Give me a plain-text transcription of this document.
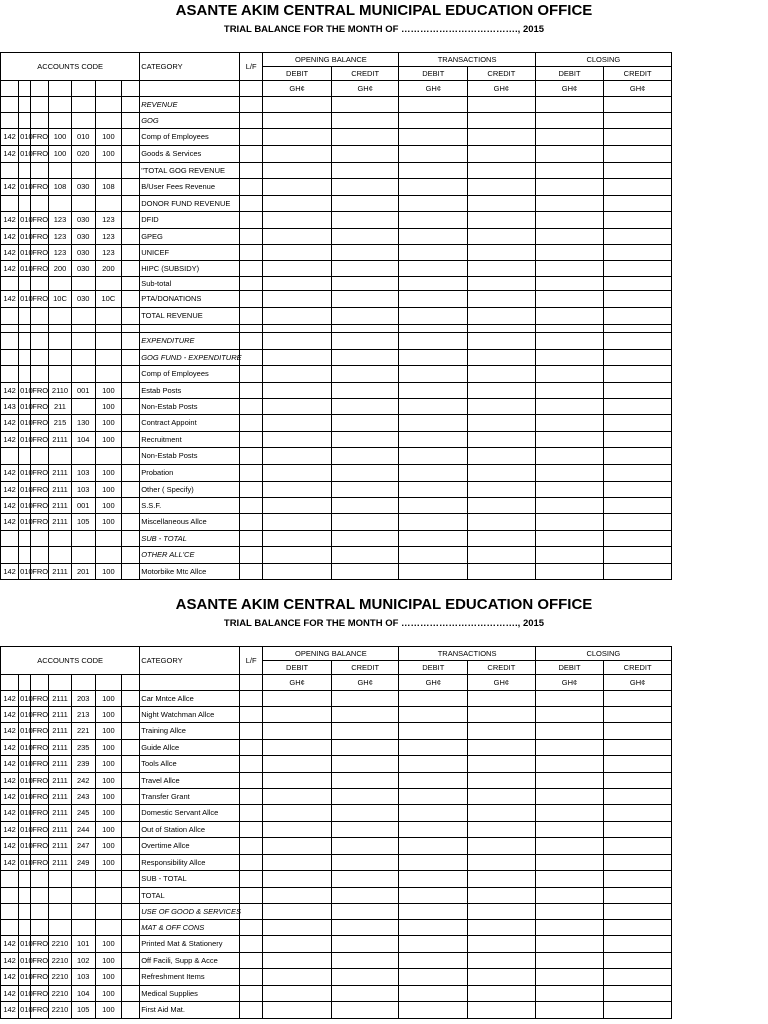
ASANTE AKIM CENTRAL MUNICIPAL EDUCATION OFFICE
TRIAL BALANCE FOR THE MONTH OF ………………………………., 2015
ACCOUNTS CODE							CATEGORY	L/F	OPENING BALANCE		TRANSACTIONS		CLOSING	
									DEBIT	CREDIT	DEBIT	CREDIT	DEBIT	CREDIT
									GH¢	GH¢	GH¢	GH¢	GH¢	GH¢
							REVENUE							
							GOG							
142	010	FRO	100	010	100		Comp of Employees							
142	010	FRO	100	020	100		Goods & Services							
							"TOTAL GOG REVENUE							
142	010	FRO	108	030	108		B/User Fees Revenue							
							DONOR FUND REVENUE							
142	010	FRO	123	030	123		DFID							
142	010	FRO	123	030	123		GPEG							
142	010	FRO	123	030	123		UNICEF							
142	010	FRO	200	030	200		HIPC (SUBSIDY)							
							Sub-total							
142	010	FRO	10C	030	10C		PTA/DONATIONS							
							TOTAL REVENUE							

							EXPENDITURE							
							GOG FUND - EXPENDITURE							
							Comp of Employees							
142	010	FRO	2110	001	100		Estab Posts							
143	010	FRO	211		100		Non-Estab Posts							
142	010	FRO	215	130	100		Contract Appoint							
142	010	FRO	2111	104	100		Recruitment							
							Non-Estab Posts							
142	010	FRO	2111	103	100		Probation							
142	010	FRO	2111	103	100		Other ( Specify)							
142	010	FRO	2111	001	100		S.S.F.							
142	010	FRO	2111	105	100		Miscellaneous Allce							
							SUB - TOTAL							
							OTHER ALL'CE							
142	010	FRO	2111	201	100		Motorbike Mtc Allce							
ASANTE AKIM CENTRAL MUNICIPAL EDUCATION OFFICE
TRIAL BALANCE FOR THE MONTH OF ………………………………., 2015
ACCOUNTS CODE							CATEGORY	L/F	OPENING BALANCE		TRANSACTIONS		CLOSING	
									DEBIT	CREDIT	DEBIT	CREDIT	DEBIT	CREDIT
									GH¢	GH¢	GH¢	GH¢	GH¢	GH¢
142	010	FRO	2111	203	100		Car Mntce Allce							
142	010	FRO	2111	213	100		Night Watchman Allce							
142	010	FRO	2111	221	100		Training Allce							
142	010	FRO	2111	235	100		Guide Allce							
142	010	FRO	2111	239	100		Tools Allce							
142	010	FRO	2111	242	100		Travel Allce							
142	010	FRO	2111	243	100		Transfer Grant							
142	010	FRO	2111	245	100		Domestic Servant Allce							
142	010	FRO	2111	244	100		Out of Station Allce							
142	010	FRO	2111	247	100		Overtime Allce							
142	010	FRO	2111	249	100		Responsibility Allce							
							SUB - TOTAL							
							TOTAL							
							USE OF GOOD & SERVICES							
							MAT & OFF CONS							
142	010	FRO	2210	101	100		Printed Mat & Stationery							
142	010	FRO	2210	102	100		Off Facili, Supp & Acce							
142	010	FRO	2210	103	100		Refreshment Items							
142	010	FRO	2210	104	100		Medical Supplies							
142	010	FRO	2210	105	100		First Aid Mat.							
